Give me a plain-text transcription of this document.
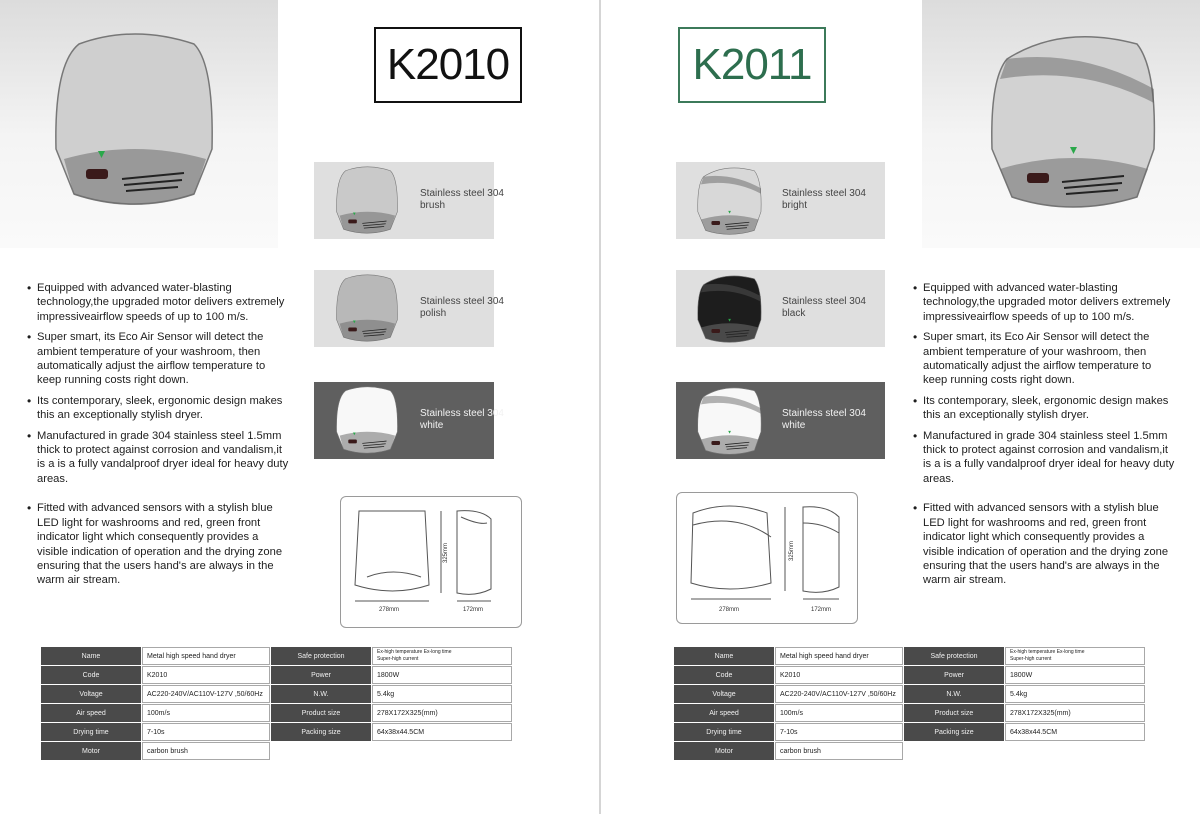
K2010
Stainless steel 304
brush
Stainless steel 304
polish
Stainless steel 304
white
• Equipped with advanced water-blasting technology,the upgraded motor delivers extremely impressiveairflow speeds of up to 100 m/s.
• Super smart, its Eco Air Sensor will detect the ambient temperature of your washroom, then automatically adjust the airflow temperature to keep running costs right down.
• Its contemporary, sleek, ergonomic design makes this an exceptionally stylish dryer.
• Manufactured in grade 304 stainless steel 1.5mm thick to protect against corrosion and vandalism,it is a is a fully vandalproof dryer ideal for heavy duty areas.
• Fitted with advanced sensors with a stylish blue LED light for washrooms and red, green front indicator light which consequently provides a visible indication of operation and the drying zone ensuring that the users hand's are always in the warm air stream.
278mm	172mm
325mm
Name	Metal high speed hand dryer	Safe protection	Ex-high temperature Ex-long time
Super-high current
Code	K2010	Power	1800W
Voltage	AC220-240V/AC110V-127V ,50/60Hz	N.W.	5.4kg
Air speed	100m/s	Product size	278X172X325(mm)
Drying time	7-10s	Packing size	64x38x44.5CM
Motor	carbon brush		
K2011
Stainless steel 304
bright
Stainless steel 304
black
Stainless steel 304
white
• Equipped with advanced water-blasting technology,the upgraded motor delivers extremely impressiveairflow speeds of up to 100 m/s.
• Super smart, its Eco Air Sensor will detect the ambient temperature of your washroom, then automatically adjust the airflow temperature to keep running costs right down.
• Its contemporary, sleek, ergonomic design makes this an exceptionally stylish dryer.
• Manufactured in grade 304 stainless steel 1.5mm thick to protect against corrosion and vandalism,it is a is a fully vandalproof dryer ideal for heavy duty areas.
• Fitted with advanced sensors with a stylish blue LED light for washrooms and red, green front indicator light which consequently provides a visible indication of operation and the drying zone ensuring that the users hand's are always in the warm air stream.
278mm	172mm
325mm
Name	Metal high speed hand dryer	Safe protection	Ex-high temperature Ex-long time
Super-high current
Code	K2010	Power	1800W
Voltage	AC220-240V/AC110V-127V ,50/60Hz	N.W.	5.4kg
Air speed	100m/s	Product size	278X172X325(mm)
Drying time	7-10s	Packing size	64x38x44.5CM
Motor	carbon brush		
